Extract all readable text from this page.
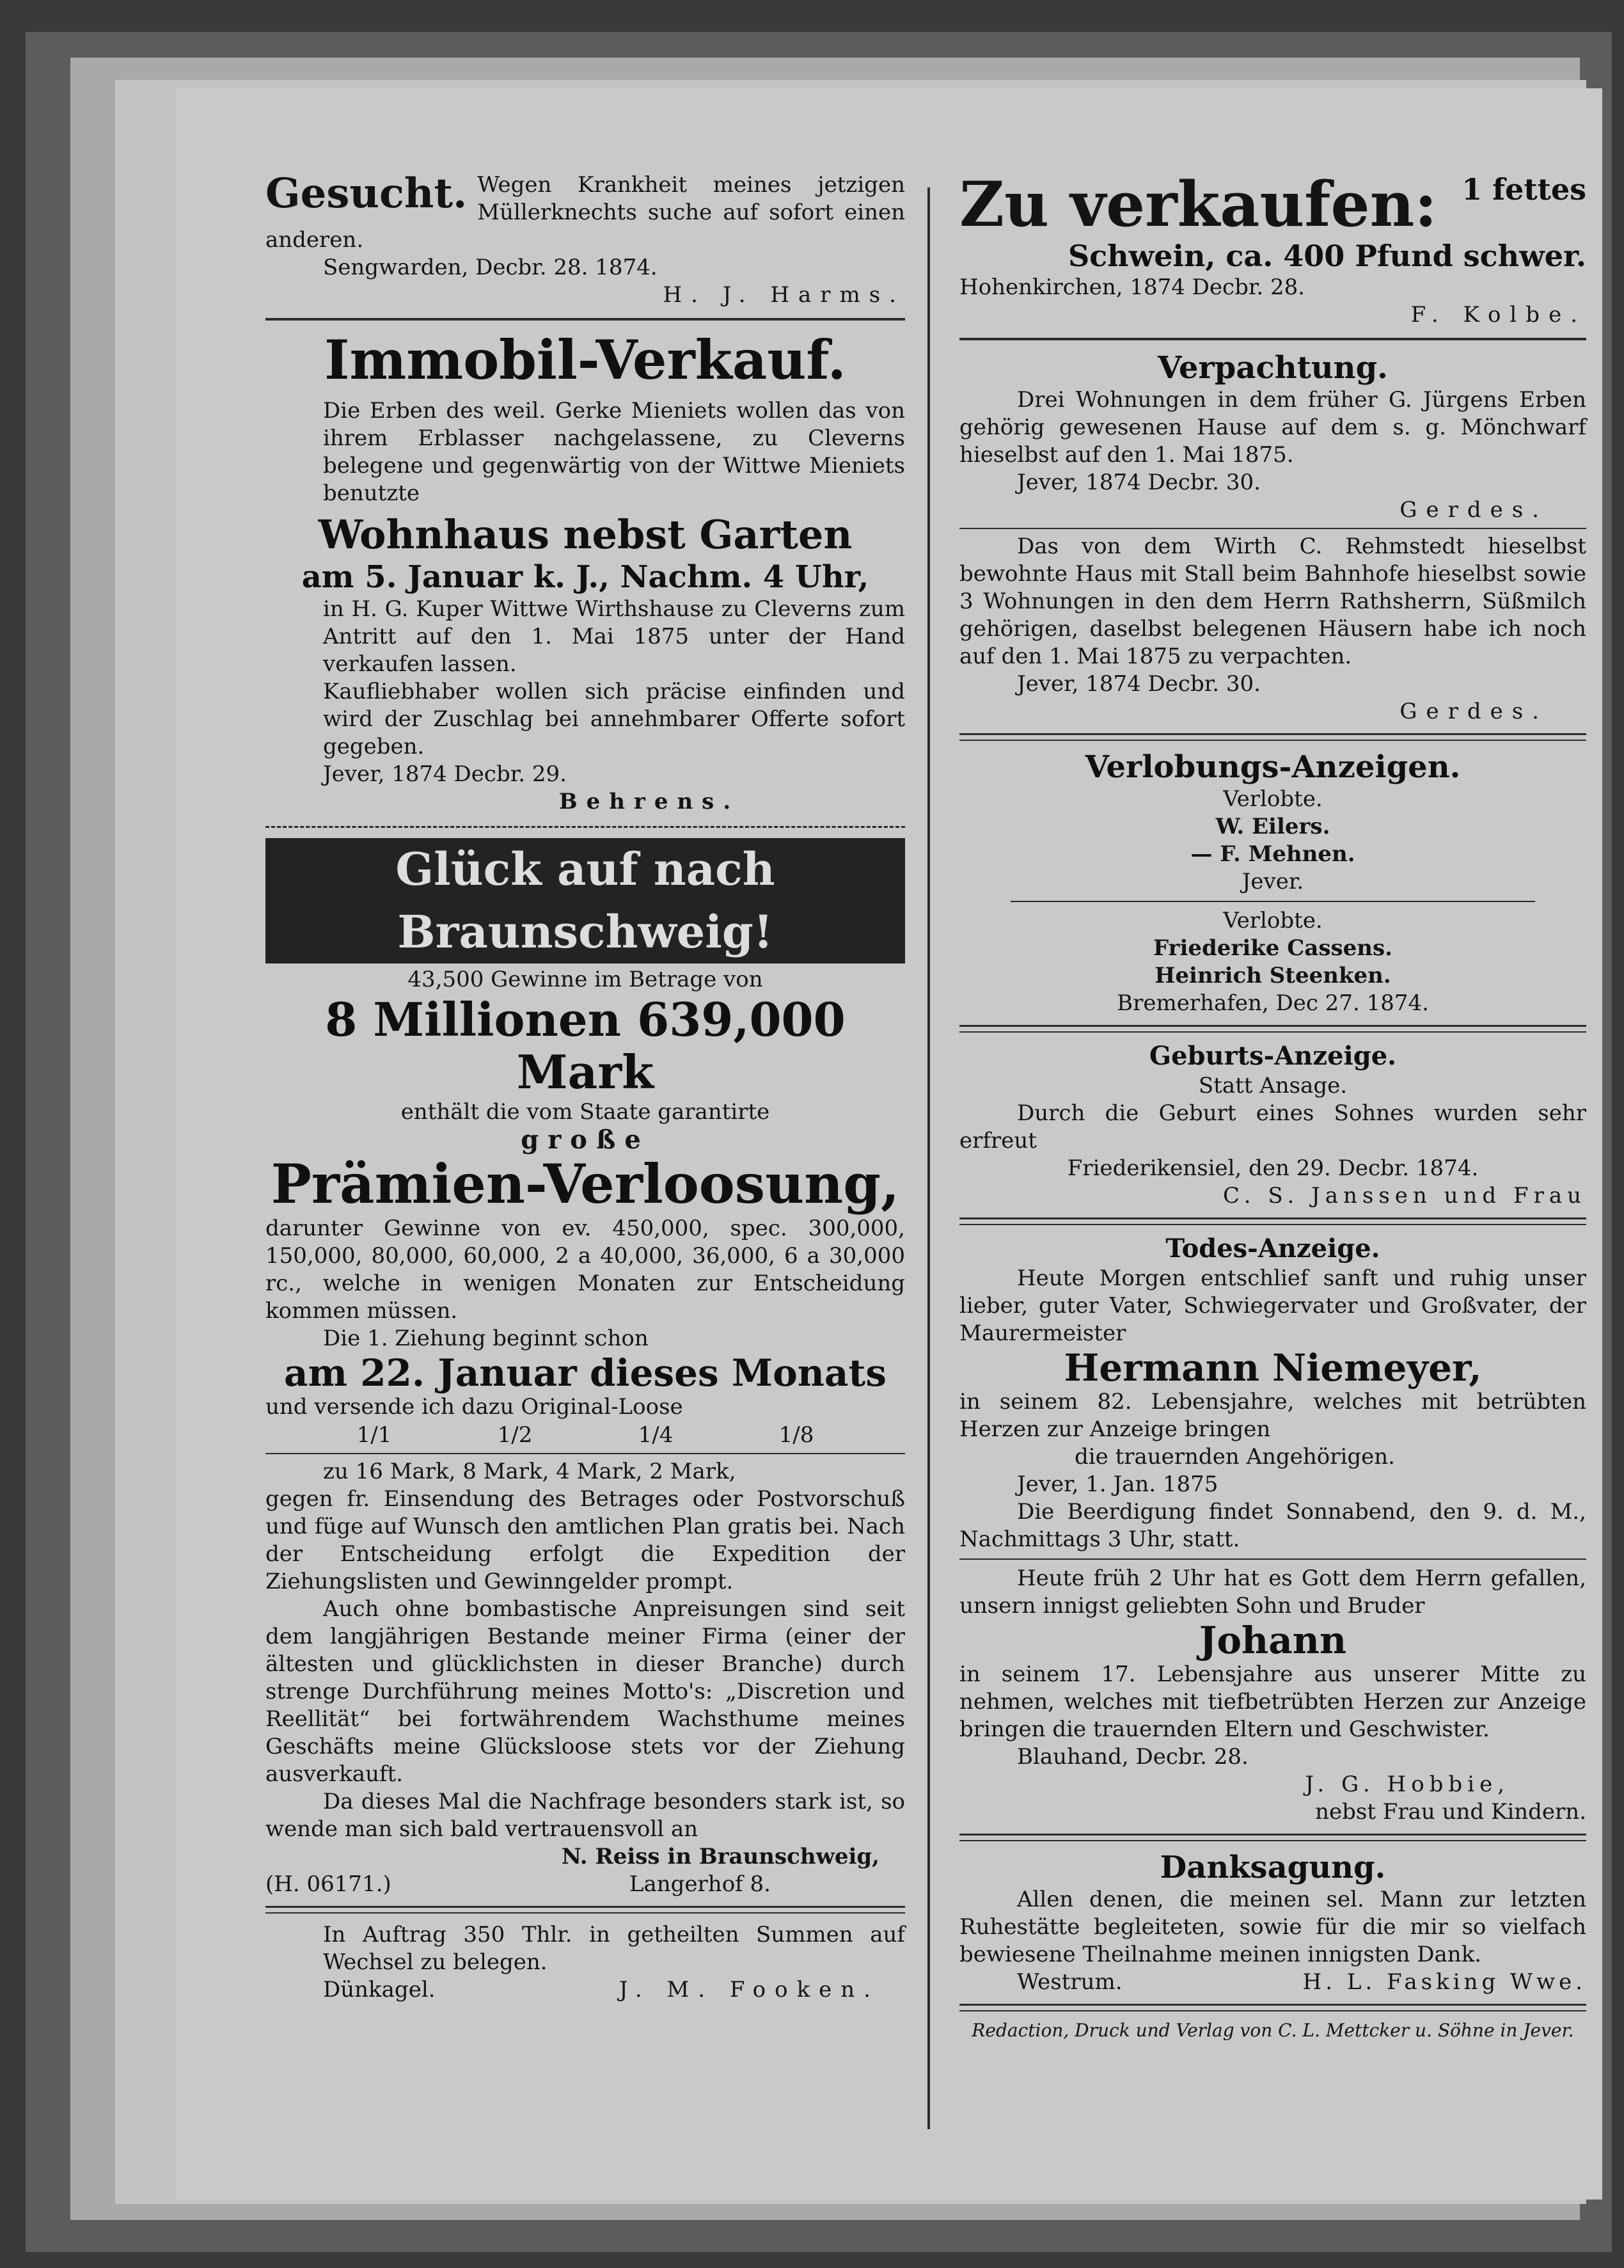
Gesucht. Wegen Krankheit meines jetzigen Müllerknechts suche auf sofort einen anderen.

Sengwarden, Decbr. 28. 1874.

H. J. Harms.

Immobil-Verkauf.

Die Erben des weil. Gerke Mieniets wollen das von ihrem Erblasser nachgelassene, zu Cleverns belegene und gegenwärtig von der Wittwe Mieniets benutzte

Wohnhaus nebst Garten

am 5. Januar k. J., Nachm. 4 Uhr,

in H. G. Kuper Wittwe Wirthshause zu Cleverns zum Antritt auf den 1. Mai 1875 unter der Hand verkaufen lassen.

Kaufliebhaber wollen sich präcise einfinden und wird der Zuschlag bei annehmbarer Offerte sofort gegeben.

Jever, 1874 Decbr. 29.

Behrens.

Glück auf nach Braunschweig!

43,500 Gewinne im Betrage von

8 Millionen 639,000 Mark

enthält die vom Staate garantirte

große

Prämien-Verloosung,

darunter Gewinne von ev. 450,000, spec. 300,000, 150,000, 80,000, 60,000, 2 a 40,000, 36,000, 6 a 30,000 rc., welche in wenigen Monaten zur Entscheidung kommen müssen.

Die 1. Ziehung beginnt schon

am 22. Januar dieses Monats

und versende ich dazu Original-Loose

1/1	1/2	1/4	1/8

zu 16 Mark, 8 Mark, 4 Mark, 2 Mark,

gegen fr. Einsendung des Betrages oder Postvorschuß und füge auf Wunsch den amtlichen Plan gratis bei. Nach der Entscheidung erfolgt die Expedition der Ziehungslisten und Gewinngelder prompt.

Auch ohne bombastische Anpreisungen sind seit dem langjährigen Bestande meiner Firma (einer der ältesten und glücklichsten in dieser Branche) durch strenge Durchführung meines Motto's: „Discretion und Reellität“ bei fortwährendem Wachsthume meines Geschäfts meine Glücksloose stets vor der Ziehung ausverkauft.

Da dieses Mal die Nachfrage besonders stark ist, so wende man sich bald vertrauensvoll an

N. Reiss in Braunschweig,

(H. 06171.)	Langerhof 8.

In Auftrag 350 Thlr. in getheilten Summen auf Wechsel zu belegen.

Dünkagel.	J. M. Fooken.
Zu verkaufen: 1 fettes Schwein, ca. 400 Pfund schwer.

Hohenkirchen, 1874 Decbr. 28.

F. Kolbe.

Verpachtung.

Drei Wohnungen in dem früher G. Jürgens Erben gehörig gewesenen Hause auf dem s. g. Mönchwarf hieselbst auf den 1. Mai 1875.

Jever, 1874 Decbr. 30.

Gerdes.

Das von dem Wirth C. Rehmstedt hieselbst bewohnte Haus mit Stall beim Bahnhofe hieselbst sowie 3 Wohnungen in den dem Herrn Rathsherrn, Süßmilch gehörigen, daselbst belegenen Häusern habe ich noch auf den 1. Mai 1875 zu verpachten.

Jever, 1874 Decbr. 30.

Gerdes.

Verlobungs-Anzeigen.

Verlobte.

W. Eilers.

— F. Mehnen.

Jever.

Verlobte.

Friederike Cassens.

Heinrich Steenken.

Bremerhafen, Dec 27. 1874.

Geburts-Anzeige.

Statt Ansage.

Durch die Geburt eines Sohnes wurden sehr erfreut

Friederikensiel, den 29. Decbr. 1874.

C. S. Janssen und Frau

Todes-Anzeige.

Heute Morgen entschlief sanft und ruhig unser lieber, guter Vater, Schwiegervater und Großvater, der Maurermeister

Hermann Niemeyer,

in seinem 82. Lebensjahre, welches mit betrübten Herzen zur Anzeige bringen

die trauernden Angehörigen.

Jever, 1. Jan. 1875

Die Beerdigung findet Sonnabend, den 9. d. M., Nachmittags 3 Uhr, statt.

Heute früh 2 Uhr hat es Gott dem Herrn gefallen, unsern innigst geliebten Sohn und Bruder

Johann

in seinem 17. Lebensjahre aus unserer Mitte zu nehmen, welches mit tiefbetrübten Herzen zur Anzeige bringen die trauernden Eltern und Geschwister.

Blauhand, Decbr. 28.

J. G. Hobbie,

nebst Frau und Kindern.

Danksagung.

Allen denen, die meinen sel. Mann zur letzten Ruhestätte begleiteten, sowie für die mir so vielfach bewiesene Theilnahme meinen innigsten Dank.

Westrum.	H. L. Fasking Wwe.

Redaction, Druck und Verlag von C. L. Mettcker u. Söhne in Jever.
